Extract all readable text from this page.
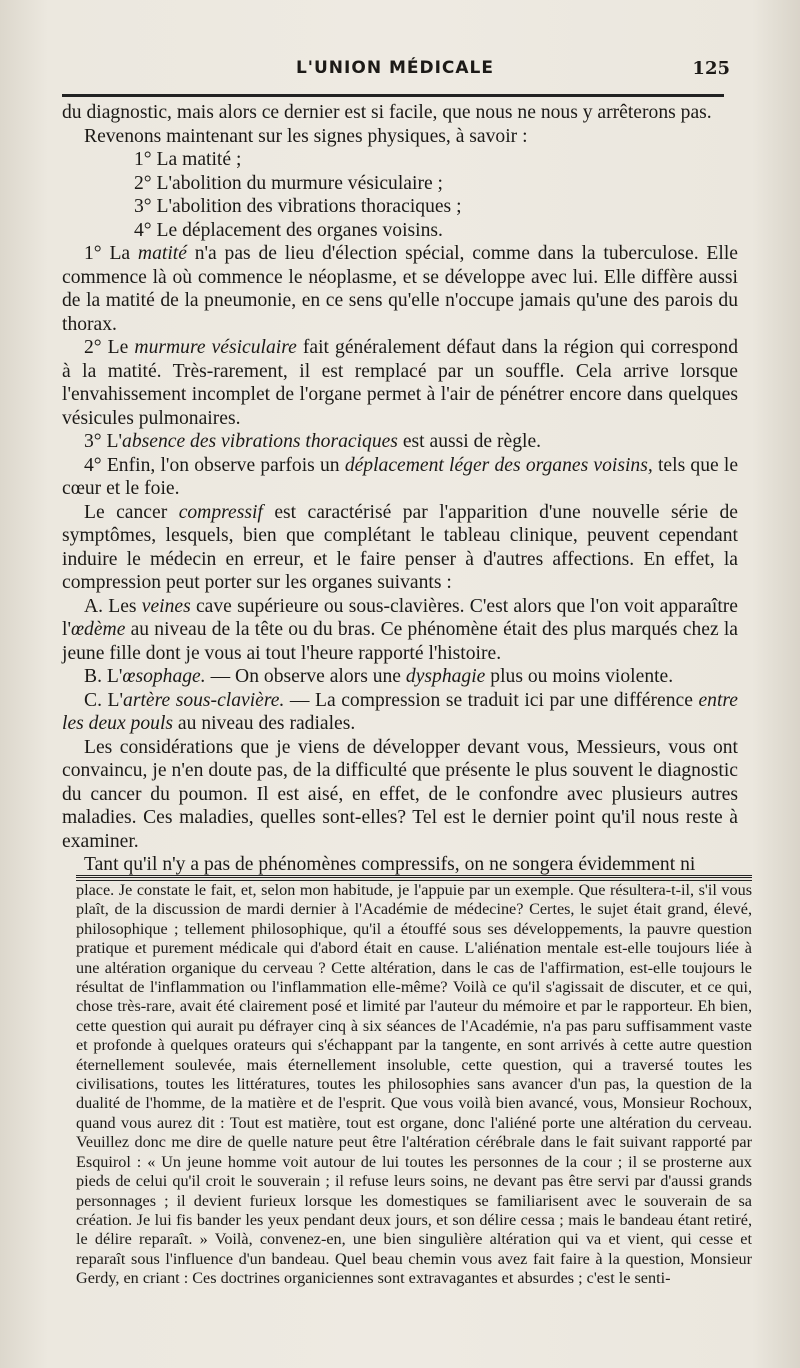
L'UNION MÉDICALE	125

du diagnostic, mais alors ce dernier est si facile, que nous ne nous y arrêterons pas.

Revenons maintenant sur les signes physiques, à savoir :

1° La matité ;

2° L'abolition du murmure vésiculaire ;

3° L'abolition des vibrations thoraciques ;

4° Le déplacement des organes voisins.

1° La matité n'a pas de lieu d'élection spécial, comme dans la tuberculose. Elle commence là où commence le néoplasme, et se développe avec lui. Elle diffère aussi de la matité de la pneumonie, en ce sens qu'elle n'occupe jamais qu'une des parois du thorax.

2° Le murmure vésiculaire fait généralement défaut dans la région qui correspond à la matité. Très-rarement, il est remplacé par un souffle. Cela arrive lorsque l'envahissement incomplet de l'organe permet à l'air de pénétrer encore dans quelques vésicules pulmonaires.

3° L'absence des vibrations thoraciques est aussi de règle.

4° Enfin, l'on observe parfois un déplacement léger des organes voisins, tels que le cœur et le foie.

Le cancer compressif est caractérisé par l'apparition d'une nouvelle série de symptômes, lesquels, bien que complétant le tableau clinique, peuvent cependant induire le médecin en erreur, et le faire penser à d'autres affections. En effet, la compression peut porter sur les organes suivants :

A. Les veines cave supérieure ou sous-clavières. C'est alors que l'on voit apparaître l'œdème au niveau de la tête ou du bras. Ce phénomène était des plus marqués chez la jeune fille dont je vous ai tout l'heure rapporté l'histoire.

B. L'œsophage. — On observe alors une dysphagie plus ou moins violente.

C. L'artère sous-clavière. — La compression se traduit ici par une différence entre les deux pouls au niveau des radiales.

Les considérations que je viens de développer devant vous, Messieurs, vous ont convaincu, je n'en doute pas, de la difficulté que présente le plus souvent le diagnostic du cancer du poumon. Il est aisé, en effet, de le confondre avec plusieurs autres maladies. Ces maladies, quelles sont-elles? Tel est le dernier point qu'il nous reste à examiner.

Tant qu'il n'y a pas de phénomènes compressifs, on ne songera évidemment ni

place. Je constate le fait, et, selon mon habitude, je l'appuie par un exemple. Que résultera-t-il, s'il vous plaît, de la discussion de mardi dernier à l'Académie de médecine? Certes, le sujet était grand, élevé, philosophique ; tellement philosophique, qu'il a étouffé sous ses développements, la pauvre question pratique et purement médicale qui d'abord était en cause. L'aliénation mentale est-elle toujours liée à une altération organique du cerveau ? Cette altération, dans le cas de l'affirmation, est-elle toujours le résultat de l'inflammation ou l'inflammation elle-même? Voilà ce qu'il s'agissait de discuter, et ce qui, chose très-rare, avait été clairement posé et limité par l'auteur du mémoire et par le rapporteur. Eh bien, cette question qui aurait pu défrayer cinq à six séances de l'Académie, n'a pas paru suffisamment vaste et profonde à quelques orateurs qui s'échappant par la tangente, en sont arrivés à cette autre question éternellement soulevée, mais éternellement insoluble, cette question, qui a traversé toutes les civilisations, toutes les littératures, toutes les philosophies sans avancer d'un pas, la question de la dualité de l'homme, de la matière et de l'esprit. Que vous voilà bien avancé, vous, Monsieur Rochoux, quand vous aurez dit : Tout est matière, tout est organe, donc l'aliéné porte une altération du cerveau. Veuillez donc me dire de quelle nature peut être l'altération cérébrale dans le fait suivant rapporté par Esquirol : « Un jeune homme voit autour de lui toutes les personnes de la cour ; il se prosterne aux pieds de celui qu'il croit le souverain ; il refuse leurs soins, ne devant pas être servi par d'aussi grands personnages ; il devient furieux lorsque les domestiques se familiarisent avec le souverain de sa création. Je lui fis bander les yeux pendant deux jours, et son délire cessa ; mais le bandeau étant retiré, le délire reparaît. » Voilà, convenez-en, une bien singulière altération qui va et vient, qui cesse et reparaît sous l'influence d'un bandeau. Quel beau chemin vous avez fait faire à la question, Monsieur Gerdy, en criant : Ces doctrines organiciennes sont extravagantes et absurdes ; c'est le senti-
